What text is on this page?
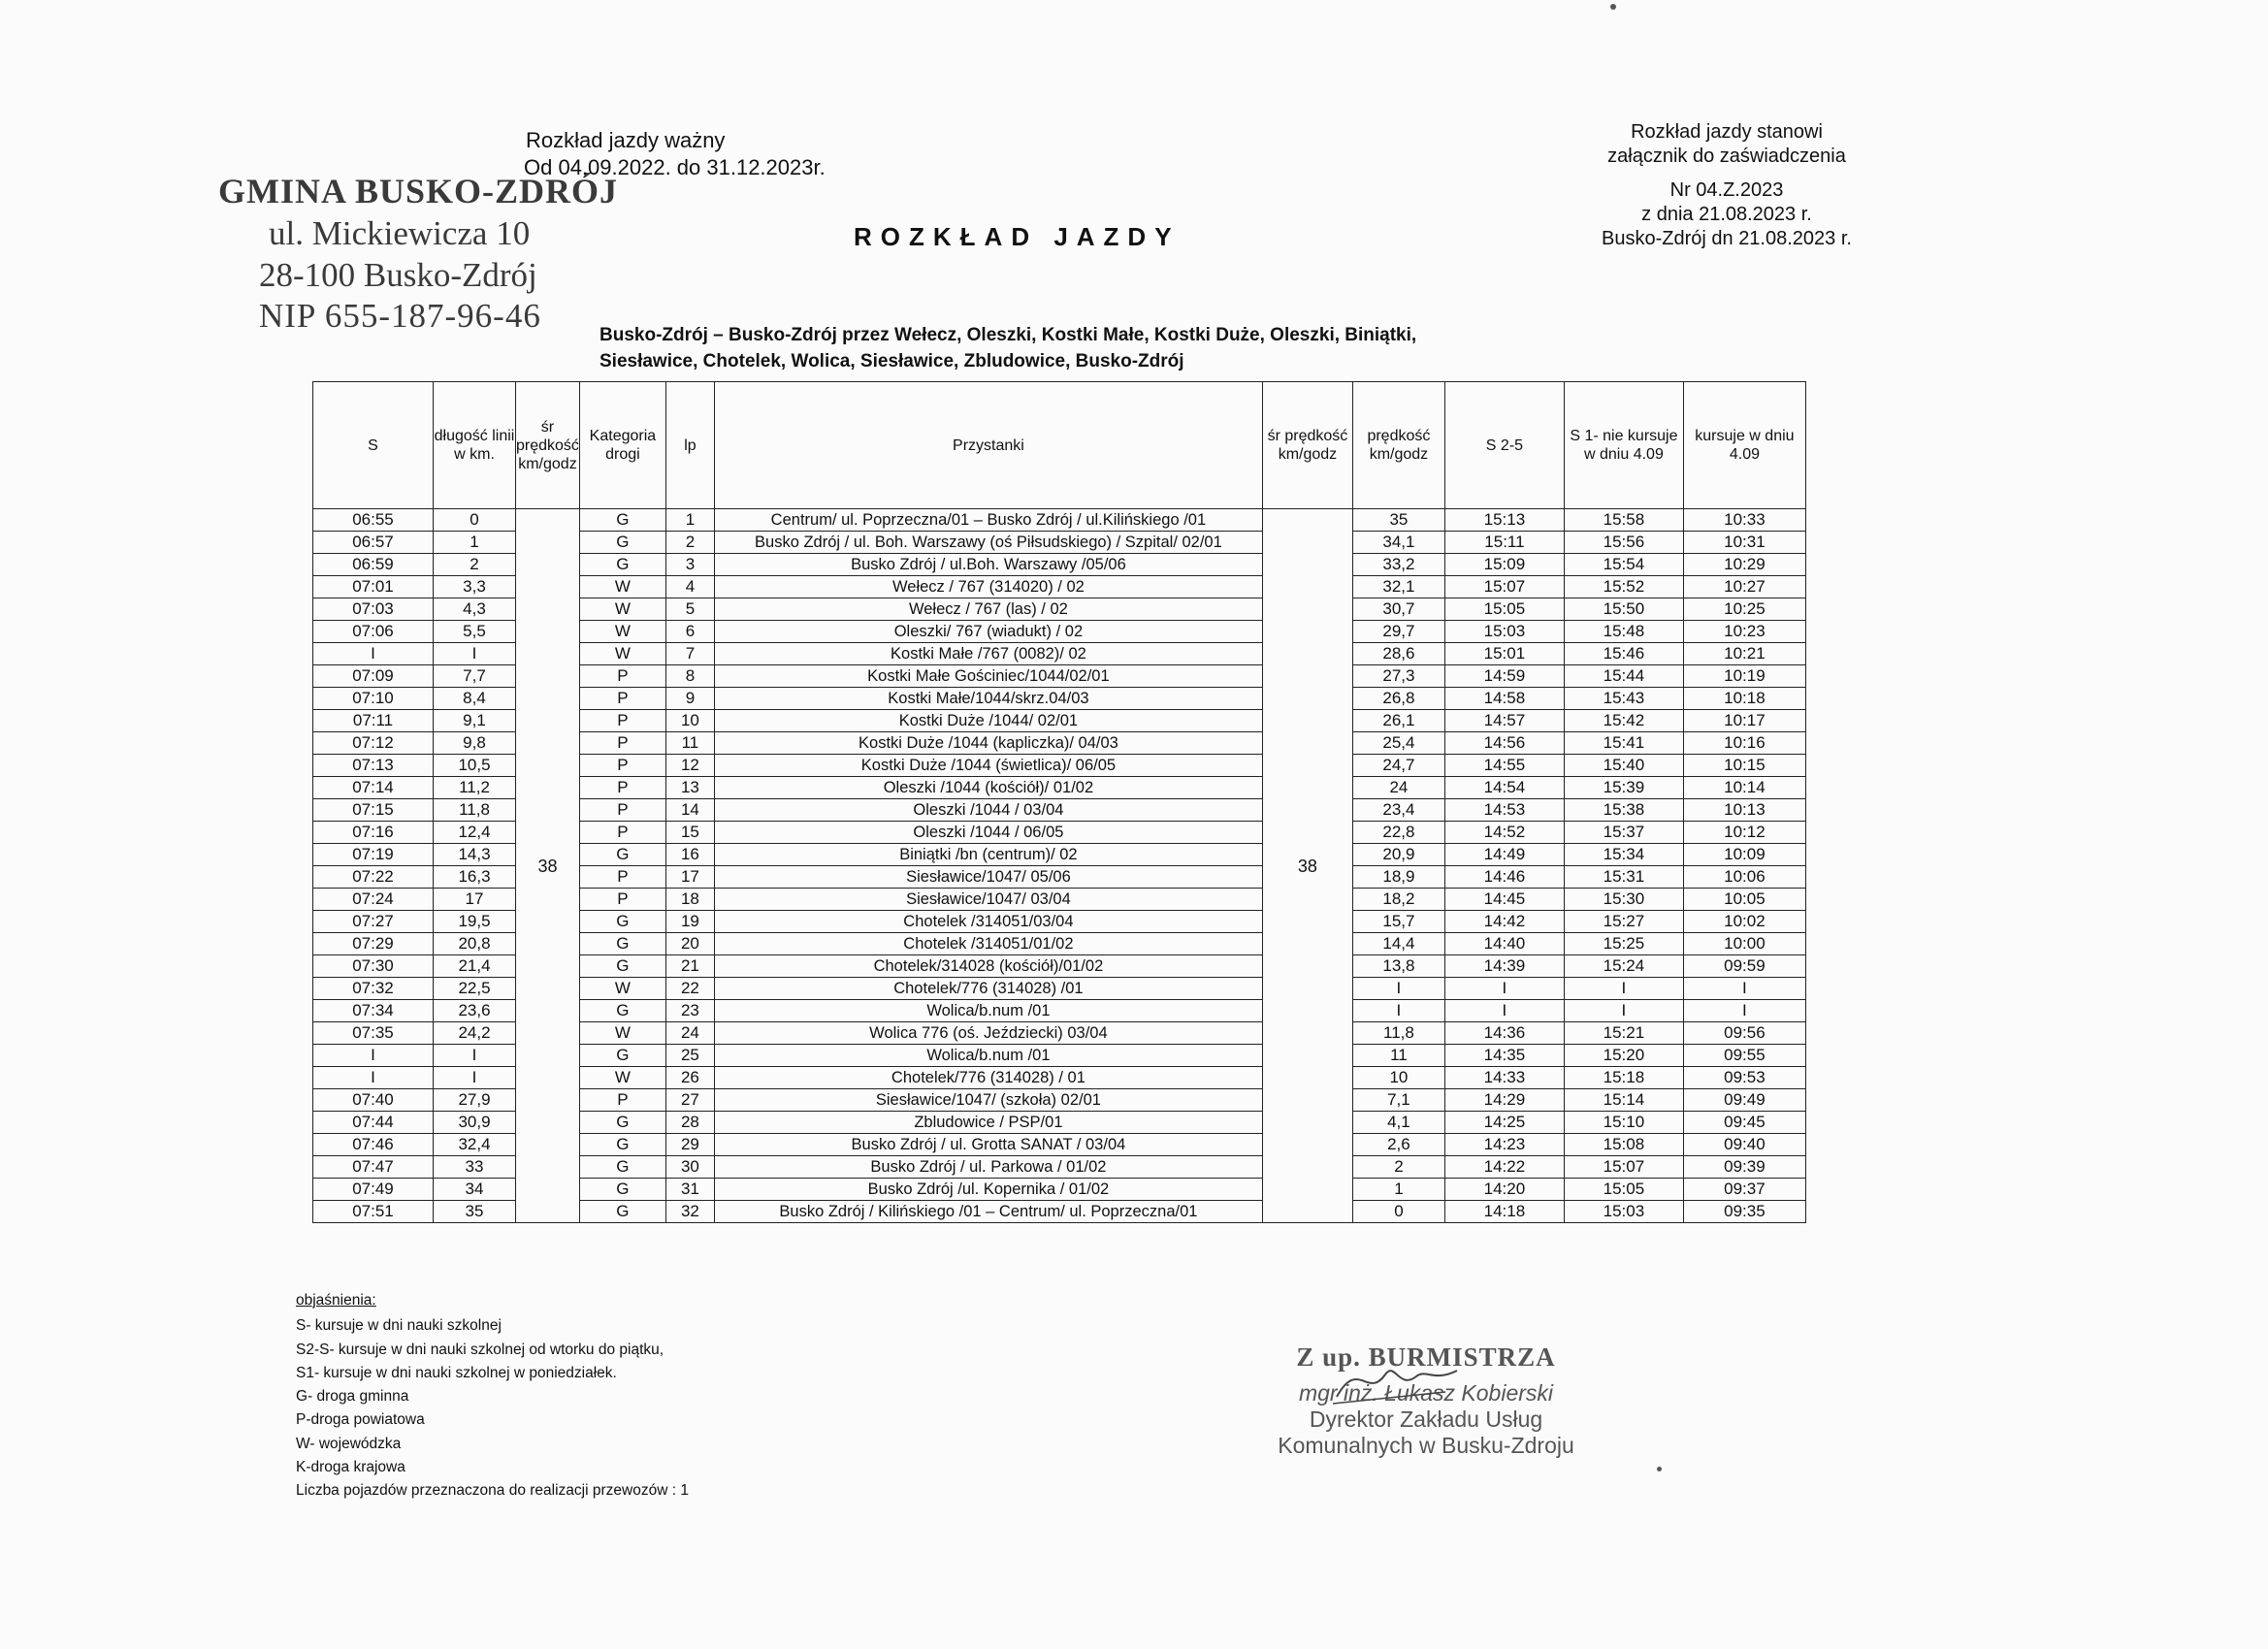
GMINA BUSKO-ZDRÓJ
ul. Mickiewicza 10
28-100 Busko-Zdrój
NIP 655-187-96-46
Rozkład jazdy ważny
Od 04.09.2022. do 31.12.2023r.
ROZKŁAD JAZDY
Rozkład jazdy stanowi
załącznik do zaświadczenia
Nr 04.Z.2023
z dnia 21.08.2023 r.
Busko-Zdrój dn 21.08.2023 r.
Busko-Zdrój – Busko-Zdrój przez Wełecz, Oleszki, Kostki Małe, Kostki Duże, Oleszki, Biniątki,
Siesławice, Chotelek, Wolica, Siesławice, Zbludowice, Busko-Zdrój
S	długość linii w km.	śr prędkość km/godz	Kategoria drogi	lp	Przystanki	śr prędkość km/godz	prędkość km/godz	S 2-5	S 1- nie kursuje w dniu 4.09	kursuje w dniu 4.09
06:55	0	38	G	1	Centrum/ ul. Poprzeczna/01 – Busko Zdrój / ul.Kilińskiego /01	38	35	15:13	15:58	10:33
06:57	1		G	2	Busko Zdrój / ul. Boh. Warszawy (oś Piłsudskiego) / Szpital/ 02/01		34,1	15:11	15:56	10:31
06:59	2		G	3	Busko Zdrój / ul.Boh. Warszawy /05/06		33,2	15:09	15:54	10:29
07:01	3,3		W	4	Wełecz / 767 (314020) / 02		32,1	15:07	15:52	10:27
07:03	4,3		W	5	Wełecz / 767 (las) / 02		30,7	15:05	15:50	10:25
07:06	5,5		W	6	Oleszki/ 767 (wiadukt) / 02		29,7	15:03	15:48	10:23
I	I		W	7	Kostki Małe /767 (0082)/ 02		28,6	15:01	15:46	10:21
07:09	7,7		P	8	Kostki Małe Gościniec/1044/02/01		27,3	14:59	15:44	10:19
07:10	8,4		P	9	Kostki Małe/1044/skrz.04/03		26,8	14:58	15:43	10:18
07:11	9,1		P	10	Kostki Duże /1044/ 02/01		26,1	14:57	15:42	10:17
07:12	9,8		P	11	Kostki Duże /1044 (kapliczka)/ 04/03		25,4	14:56	15:41	10:16
07:13	10,5		P	12	Kostki Duże /1044 (świetlica)/ 06/05		24,7	14:55	15:40	10:15
07:14	11,2		P	13	Oleszki /1044 (kościół)/ 01/02		24	14:54	15:39	10:14
07:15	11,8		P	14	Oleszki /1044 / 03/04		23,4	14:53	15:38	10:13
07:16	12,4		P	15	Oleszki /1044 / 06/05		22,8	14:52	15:37	10:12
07:19	14,3		G	16	Biniątki /bn (centrum)/ 02		20,9	14:49	15:34	10:09
07:22	16,3		P	17	Siesławice/1047/ 05/06		18,9	14:46	15:31	10:06
07:24	17		P	18	Siesławice/1047/ 03/04		18,2	14:45	15:30	10:05
07:27	19,5		G	19	Chotelek /314051/03/04		15,7	14:42	15:27	10:02
07:29	20,8		G	20	Chotelek /314051/01/02		14,4	14:40	15:25	10:00
07:30	21,4		G	21	Chotelek/314028 (kościół)/01/02		13,8	14:39	15:24	09:59
07:32	22,5		W	22	Chotelek/776 (314028) /01		I	I	I	I
07:34	23,6		G	23	Wolica/b.num /01		I	I	I	I
07:35	24,2		W	24	Wolica 776 (oś. Jeździecki) 03/04		11,8	14:36	15:21	09:56
I	I		G	25	Wolica/b.num /01		11	14:35	15:20	09:55
I	I		W	26	Chotelek/776 (314028) / 01		10	14:33	15:18	09:53
07:40	27,9		P	27	Siesławice/1047/ (szkoła) 02/01		7,1	14:29	15:14	09:49
07:44	30,9		G	28	Zbludowice / PSP/01		4,1	14:25	15:10	09:45
07:46	32,4		G	29	Busko Zdrój / ul. Grotta SANAT / 03/04		2,6	14:23	15:08	09:40
07:47	33		G	30	Busko Zdrój / ul. Parkowa / 01/02		2	14:22	15:07	09:39
07:49	34		G	31	Busko Zdrój /ul. Kopernika / 01/02		1	14:20	15:05	09:37
07:51	35		G	32	Busko Zdrój / Kilińskiego /01 – Centrum/ ul. Poprzeczna/01		0	14:18	15:03	09:35
objaśnienia:
S- kursuje w dni nauki szkolnej
S2-S- kursuje w dni nauki szkolnej od wtorku do piątku,
S1- kursuje w dni nauki szkolnej w poniedziałek.
G- droga gminna
P-droga powiatowa
W- wojewódzka
K-droga krajowa
Liczba pojazdów przeznaczona do realizacji przewozów : 1
Z up. BURMISTRZA
mgr inż. Łukasz Kobierski
Dyrektor Zakładu Usług
Komunalnych w Busku-Zdroju
